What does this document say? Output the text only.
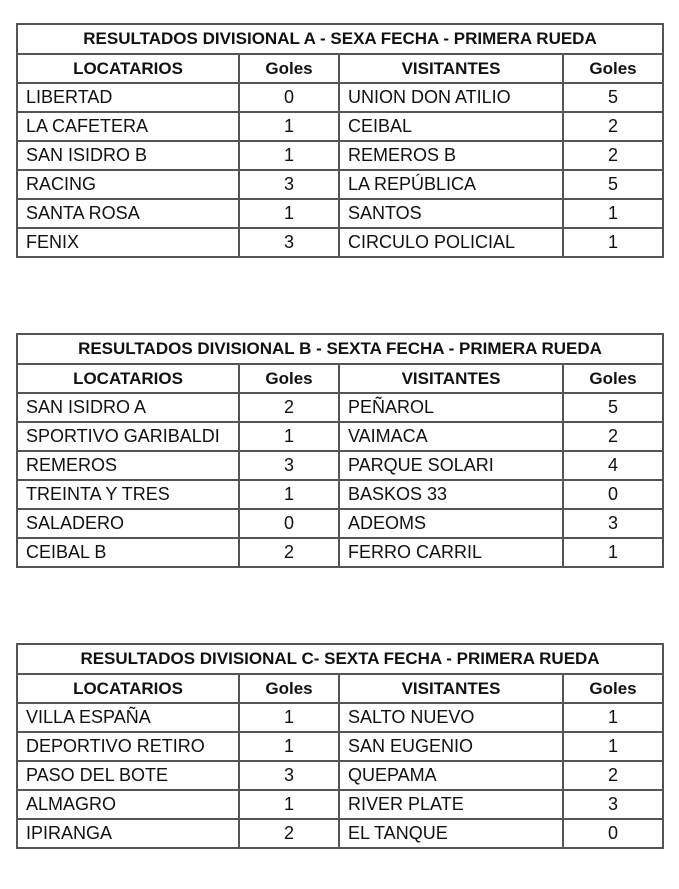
RESULTADOS DIVISIONAL A - SEXA FECHA - PRIMERA RUEDA			
LOCATARIOS	Goles	VISITANTES	Goles
LIBERTAD	0	UNION DON ATILIO	5
LA CAFETERA	1	CEIBAL	2
SAN ISIDRO B	1	REMEROS B	2
RACING	3	LA REPÚBLICA	5
SANTA ROSA	1	SANTOS	1
FENIX	3	CIRCULO POLICIAL	1
RESULTADOS DIVISIONAL B - SEXTA FECHA - PRIMERA RUEDA			
LOCATARIOS	Goles	VISITANTES	Goles
SAN ISIDRO A	2	PEÑAROL	5
SPORTIVO GARIBALDI	1	VAIMACA	2
REMEROS	3	PARQUE SOLARI	4
TREINTA Y TRES	1	BASKOS 33	0
SALADERO	0	ADEOMS	3
CEIBAL B	2	FERRO CARRIL	1
RESULTADOS DIVISIONAL C- SEXTA FECHA - PRIMERA RUEDA			
LOCATARIOS	Goles	VISITANTES	Goles
VILLA ESPAÑA	1	SALTO NUEVO	1
DEPORTIVO RETIRO	1	SAN EUGENIO	1
PASO DEL BOTE	3	QUEPAMA	2
ALMAGRO	1	RIVER PLATE	3
IPIRANGA	2	EL TANQUE	0
